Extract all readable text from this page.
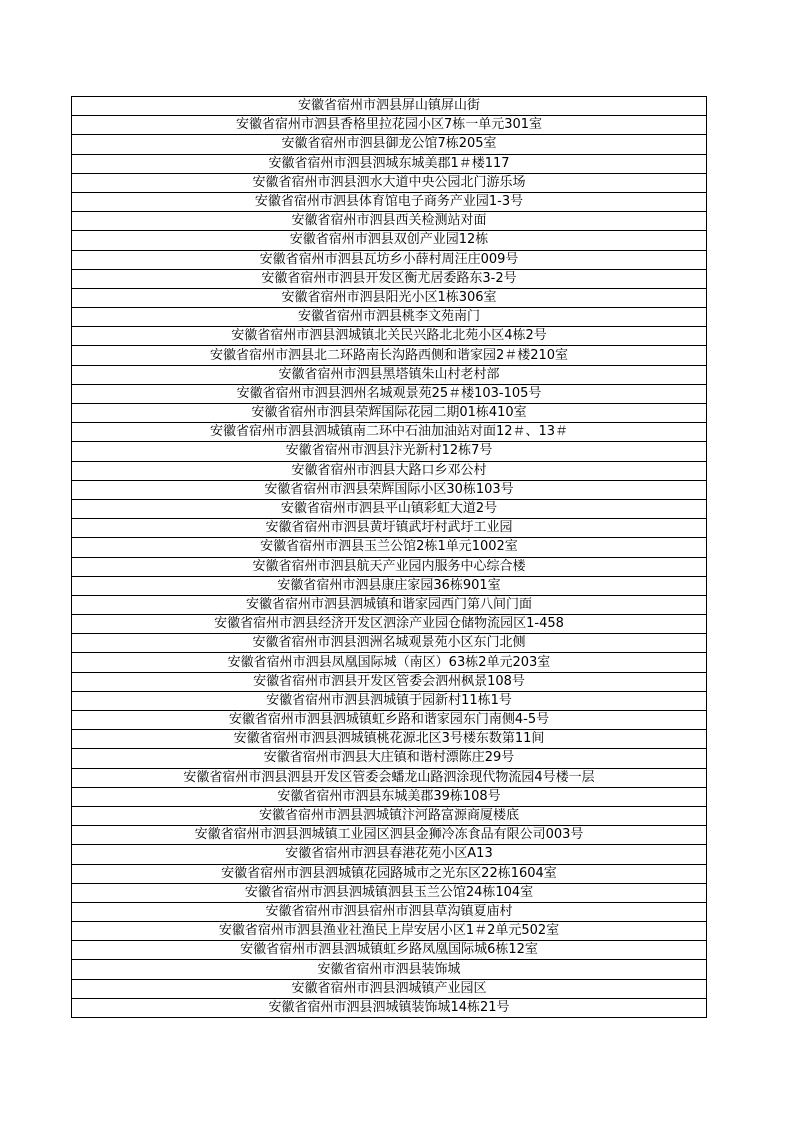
安徽省宿州市泗县屏山镇屏山街
安徽省宿州市泗县香格里拉花园小区7栋一单元301室
安徽省宿州市泗县御龙公馆7栋205室
安徽省宿州市泗县泗城东城美郡1＃楼117
安徽省宿州市泗县泗水大道中央公园北门游乐场
安徽省宿州市泗县体育馆电子商务产业园1-3号
安徽省宿州市泗县西关检测站对面
安徽省宿州市泗县双创产业园12栋
安徽省宿州市泗县瓦坊乡小薛村周汪庄009号
安徽省宿州市泗县开发区衡尤居委路东3-2号
安徽省宿州市泗县阳光小区1栋306室
安徽省宿州市泗县桃李文苑南门
安徽省宿州市泗县泗城镇北关民兴路北北苑小区4栋2号
安徽省宿州市泗县北二环路南长沟路西侧和谐家园2＃楼210室
安徽省宿州市泗县黑塔镇朱山村老村部
安徽省宿州市泗县泗州名城观景苑25＃楼103-105号
安徽省宿州市泗县荣辉国际花园二期01栋410室
安徽省宿州市泗县泗城镇南二环中石油加油站对面12＃、13＃
安徽省宿州市泗县汴光新村12栋7号
安徽省宿州市泗县大路口乡邓公村
安徽省宿州市泗县荣辉国际小区30栋103号
安徽省宿州市泗县平山镇彩虹大道2号
安徽省宿州市泗县黄圩镇武圩村武圩工业园
安徽省宿州市泗县玉兰公馆2栋1单元1002室
安徽省宿州市泗县航天产业园内服务中心综合楼
安徽省宿州市泗县康庄家园36栋901室
安徽省宿州市泗县泗城镇和谐家园西门第八间门面
安徽省宿州市泗县经济开发区泗涂产业园仓储物流园区1-458
安徽省宿州市泗县泗洲名城观景苑小区东门北侧
安徽省宿州市泗县凤凰国际城（南区）63栋2单元203室
安徽省宿州市泗县开发区管委会泗州枫景108号
安徽省宿州市泗县泗城镇于园新村11栋1号
安徽省宿州市泗县泗城镇虹乡路和谐家园东门南侧4-5号
安徽省宿州市泗县泗城镇桃花源北区3号楼东数第11间
安徽省宿州市泗县大庄镇和谐村漂陈庄29号
安徽省宿州市泗县泗县开发区管委会蟠龙山路泗涂现代物流园4号楼一层
安徽省宿州市泗县东城美郡39栋108号
安徽省宿州市泗县泗城镇汴河路富源商厦楼底
安徽省宿州市泗县泗城镇工业园区泗县金狮冷冻食品有限公司003号
安徽省宿州市泗县春港花苑小区A13
安徽省宿州市泗县泗城镇花园路城市之光东区22栋1604室
安徽省宿州市泗县泗城镇泗县玉兰公馆24栋104室
安徽省宿州市泗县宿州市泗县草沟镇夏庙村
安徽省宿州市泗县渔业社渔民上岸安居小区1＃2单元502室
安徽省宿州市泗县泗城镇虹乡路凤凰国际城6栋12室
安徽省宿州市泗县装饰城
安徽省宿州市泗县泗城镇产业园区
安徽省宿州市泗县泗城镇装饰城14栋21号
